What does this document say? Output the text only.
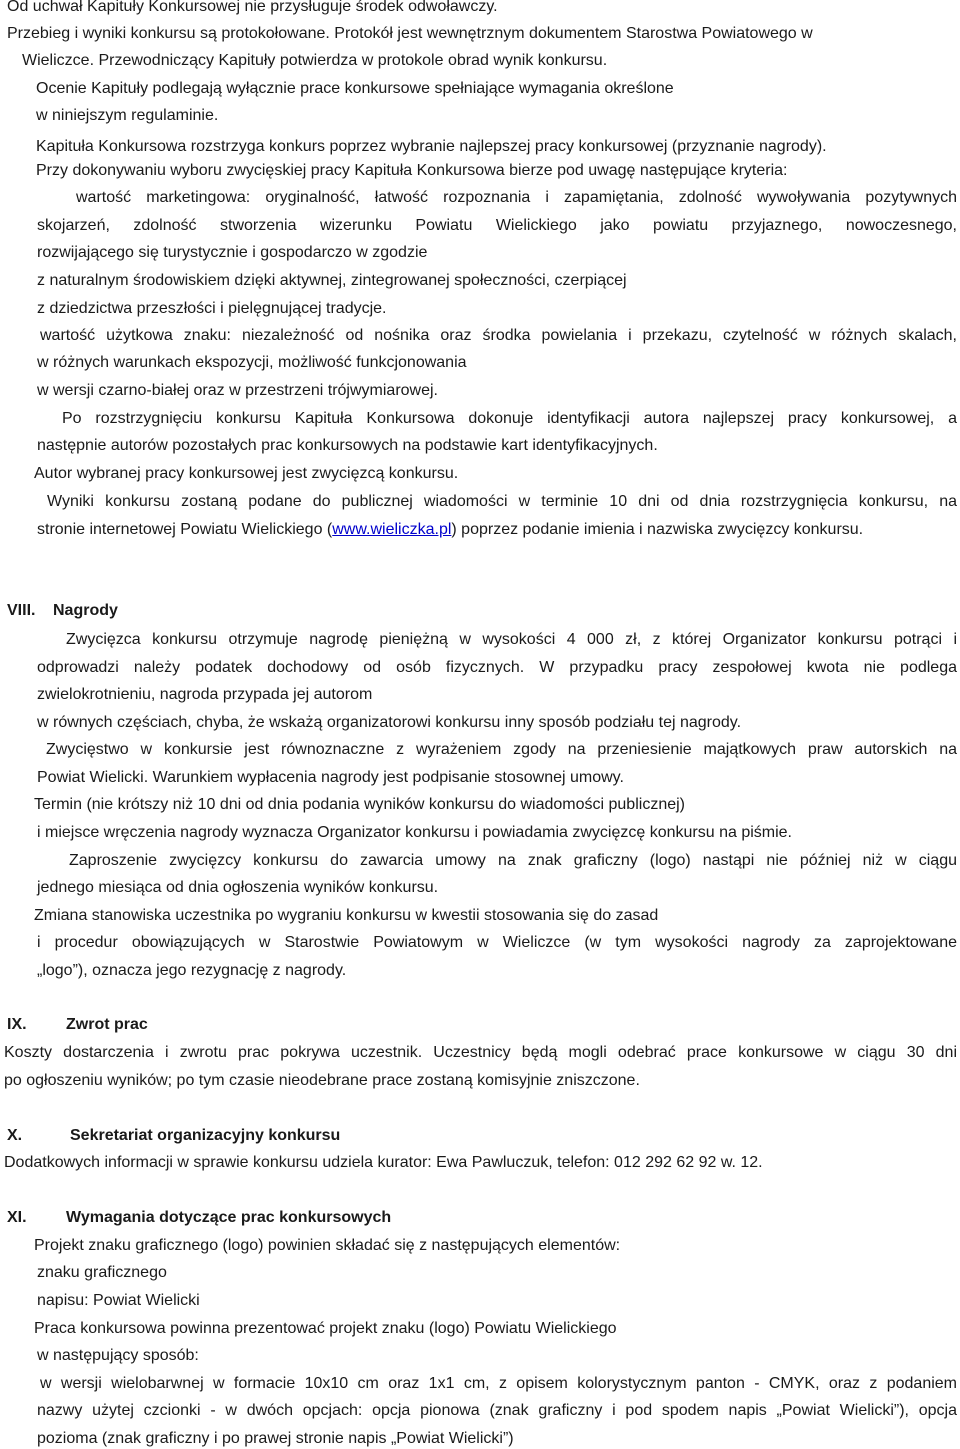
Od uchwał Kapituły Konkursowej nie przysługuje środek odwoławczy.
Przebieg i wyniki konkursu są protokołowane. Protokół jest wewnętrznym dokumentem Starostwa Powiatowego w
Wieliczce. Przewodniczący Kapituły potwierdza w protokole obrad wynik konkursu.
Ocenie Kapituły podlegają wyłącznie prace konkursowe spełniające wymagania określone
w niniejszym regulaminie.
Kapituła Konkursowa rozstrzyga konkurs poprzez wybranie najlepszej pracy konkursowej (przyznanie nagrody).
Przy dokonywaniu wyboru zwycięskiej pracy Kapituła Konkursowa bierze pod uwagę następujące kryteria:
wartość marketingowa: oryginalność, łatwość rozpoznania i zapamiętania, zdolność wywoływania pozytywnych
skojarzeń, zdolność stworzenia wizerunku Powiatu Wielickiego jako powiatu przyjaznego, nowoczesnego,
rozwijającego się turystycznie i gospodarczo w zgodzie
z naturalnym środowiskiem dzięki aktywnej, zintegrowanej społeczności, czerpiącej
z dziedzictwa przeszłości i pielęgnującej tradycje.
wartość użytkowa znaku: niezależność od nośnika oraz środka powielania i przekazu, czytelność w różnych skalach,
w różnych warunkach ekspozycji, możliwość funkcjonowania
w wersji czarno-białej oraz w przestrzeni trójwymiarowej.
Po rozstrzygnięciu konkursu Kapituła Konkursowa dokonuje identyfikacji autora najlepszej pracy konkursowej, a
następnie autorów pozostałych prac konkursowych na podstawie kart identyfikacyjnych.
Autor wybranej pracy konkursowej jest zwycięzcą konkursu.
Wyniki konkursu zostaną podane do publicznej wiadomości w terminie 10 dni od dnia rozstrzygnięcia konkursu, na
stronie internetowej Powiatu Wielickiego (www.wieliczka.pl) poprzez podanie imienia i nazwiska zwycięzcy konkursu.
VIII. Nagrody
Zwycięzca konkursu otrzymuje nagrodę pieniężną w wysokości 4 000 zł, z której Organizator konkursu potrąci i
odprowadzi należy podatek dochodowy od osób fizycznych. W przypadku pracy zespołowej kwota nie podlega
zwielokrotnieniu, nagroda przypada jej autorom
w równych częściach, chyba, że wskażą organizatorowi konkursu inny sposób podziału tej nagrody.
Zwycięstwo w konkursie jest równoznaczne z wyrażeniem zgody na przeniesienie majątkowych praw autorskich na
Powiat Wielicki. Warunkiem wypłacenia nagrody jest podpisanie stosownej umowy.
Termin (nie krótszy niż 10 dni od dnia podania wyników konkursu do wiadomości publicznej)
i miejsce wręczenia nagrody wyznacza Organizator konkursu i powiadamia zwycięzcę konkursu na piśmie.
Zaproszenie zwycięzcy konkursu do zawarcia umowy na znak graficzny (logo) nastąpi nie później niż w ciągu
jednego miesiąca od dnia ogłoszenia wyników konkursu.
Zmiana stanowiska uczestnika po wygraniu konkursu w kwestii stosowania się do zasad
i procedur obowiązujących w Starostwie Powiatowym w Wieliczce (w tym wysokości nagrody za zaprojektowane
„logo”), oznacza jego rezygnację z nagrody.
IX. Zwrot prac
Koszty dostarczenia i zwrotu prac pokrywa uczestnik. Uczestnicy będą mogli odebrać prace konkursowe w ciągu 30 dni
po ogłoszeniu wyników; po tym czasie nieodebrane prace zostaną komisyjnie zniszczone.
X.	Sekretariat organizacyjny konkursu
Dodatkowych informacji w sprawie konkursu udziela kurator: Ewa Pawluczuk, telefon: 012 292 62 92 w. 12.
XI. Wymagania dotyczące prac konkursowych
Projekt znaku graficznego (logo) powinien składać się z następujących elementów:
znaku graficznego
napisu: Powiat Wielicki
Praca konkursowa powinna prezentować projekt znaku (logo) Powiatu Wielickiego
w następujący sposób:
w wersji wielobarwnej w formacie 10x10 cm oraz 1x1 cm, z opisem kolorystycznym panton - CMYK, oraz z podaniem
nazwy użytej czcionki - w dwóch opcjach: opcja pionowa (znak graficzny i pod spodem napis „Powiat Wielicki”), opcja
pozioma (znak graficzny i po prawej stronie napis „Powiat Wielicki”)
